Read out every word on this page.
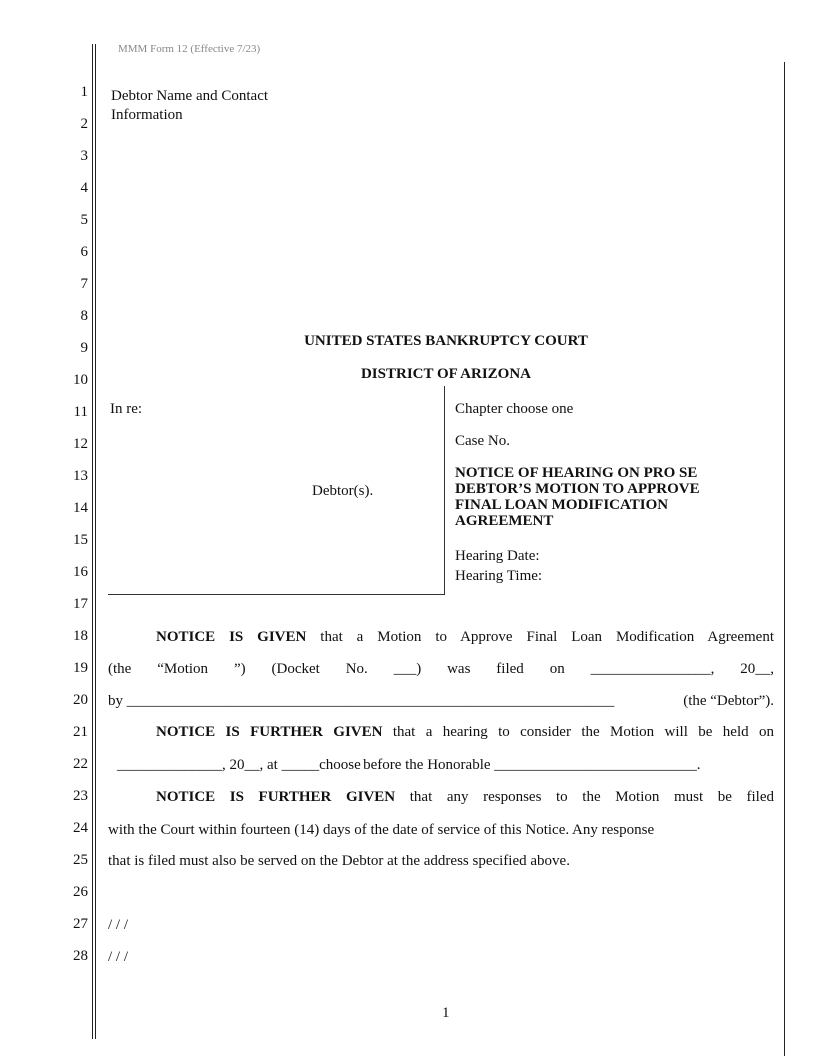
MMM Form 12 (Effective 7/23)
1
2
3
4
5
6
7
8
9
10
11
12
13
14
15
16
17
18
19
20
21
22
23
24
25
26
27
28
Debtor Name and Contact
Information
UNITED STATES BANKRUPTCY COURT
DISTRICT OF ARIZONA
In re:
Debtor(s).
Chapter choose one
Case No.
NOTICE OF HEARING ON PRO SE
DEBTOR’S MOTION TO APPROVE
FINAL LOAN MODIFICATION
AGREEMENT
Hearing Date:
Hearing Time:
NOTICE IS GIVEN that a Motion to Approve Final Loan Modification Agreement
(the “Motion ”) (Docket No. ___) was filed on ________________, 20__,
by _________________________________________________________________	(the “Debtor”).
NOTICE IS FURTHER GIVEN that a hearing to consider the Motion will be held on
______________, 20__, at _____choose before the Honorable ___________________________.
NOTICE IS FURTHER GIVEN that any responses to the Motion must be filed
with the Court within fourteen (14) days of the date of service of this Notice. Any response
that is filed must also be served on the Debtor at the address specified above.
/ / /
/ / /
1
